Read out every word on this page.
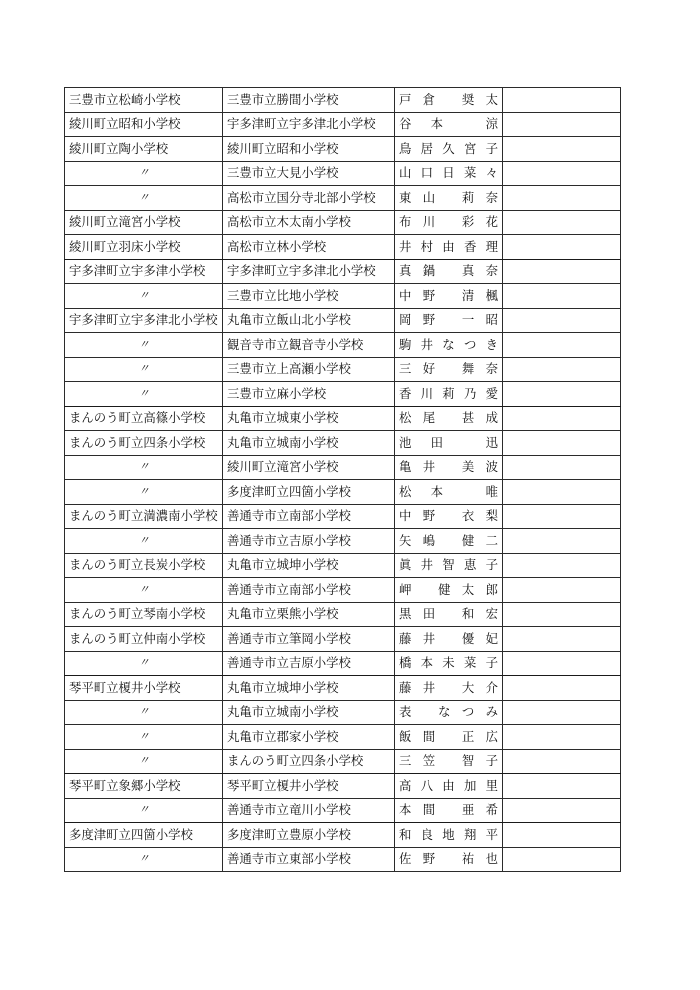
三豊市立松崎小学校	三豊市立勝間小学校	戸倉 奨太	

綾川町立昭和小学校	宇多津町立宇多津北小学校	谷本 涼	

綾川町立陶小学校	綾川町立昭和小学校	鳥居久宮子	

〃	三豊市立大見小学校	山口日菜々	

〃	高松市立国分寺北部小学校	東山 莉奈	

綾川町立滝宮小学校	高松市立木太南小学校	布川 彩花	

綾川町立羽床小学校	高松市立林小学校	井村由香理	

宇多津町立宇多津小学校	宇多津町立宇多津北小学校	真鍋 真奈	

〃	三豊市立比地小学校	中野 清楓	

宇多津町立宇多津北小学校	丸亀市立飯山北小学校	岡野 一昭	

〃	観音寺市立観音寺小学校	駒井なつき	

〃	三豊市立上高瀬小学校	三好 舞奈	

〃	三豊市立麻小学校	香川莉乃愛	

まんのう町立高篠小学校	丸亀市立城東小学校	松尾 甚成	

まんのう町立四条小学校	丸亀市立城南小学校	池田 迅	

〃	綾川町立滝宮小学校	亀井 美波	

〃	多度津町立四箇小学校	松本 唯	

まんのう町立満濃南小学校	善通寺市立南部小学校	中野 衣梨	

〃	善通寺市立吉原小学校	矢嶋 健二	

まんのう町立長炭小学校	丸亀市立城坤小学校	眞井智恵子	

〃	善通寺市立南部小学校	岬 健太郎	

まんのう町立琴南小学校	丸亀市立栗熊小学校	黒田 和宏	

まんのう町立仲南小学校	善通寺市立筆岡小学校	藤井 優妃	

〃	善通寺市立吉原小学校	橋本未菜子	

琴平町立榎井小学校	丸亀市立城坤小学校	藤井 大介	

〃	丸亀市立城南小学校	表 なつみ	

〃	丸亀市立郡家小学校	飯間 正広	

〃	まんのう町立四条小学校	三笠 智子	

琴平町立象郷小学校	琴平町立榎井小学校	高八由加里	

〃	善通寺市立竜川小学校	本間 亜希	

多度津町立四箇小学校	多度津町立豊原小学校	和良地翔平	

〃	善通寺市立東部小学校	佐野 祐也	
